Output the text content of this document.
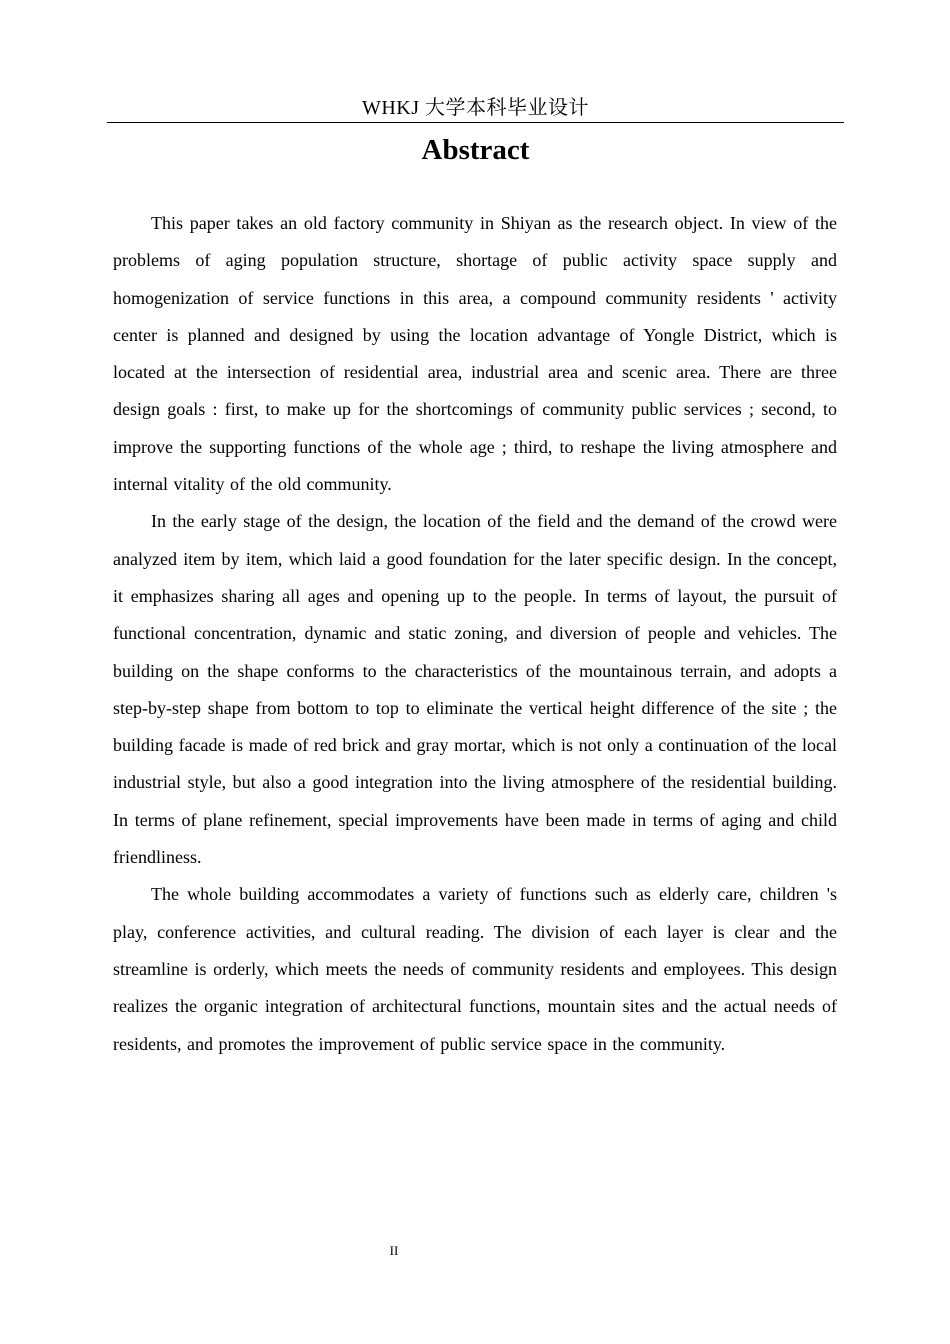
WHKJ 大学本科毕业设计
Abstract

This paper takes an old factory community in Shiyan as the research object. In view of the problems of aging population structure, shortage of public activity space supply and homogenization of service functions in this area, a compound community residents ' activity center is planned and designed by using the location advantage of Yongle District, which is located at the intersection of residential area, industrial area and scenic area. There are three design goals : first, to make up for the shortcomings of community public services ; second, to improve the supporting functions of the whole age ; third, to reshape the living atmosphere and internal vitality of the old community.

In the early stage of the design, the location of the field and the demand of the crowd were analyzed item by item, which laid a good foundation for the later specific design. In the concept, it emphasizes sharing all ages and opening up to the people. In terms of layout, the pursuit of functional concentration, dynamic and static zoning, and diversion of people and vehicles. The building on the shape conforms to the characteristics of the mountainous terrain, and adopts a step-by-step shape from bottom to top to eliminate the vertical height difference of the site ; the building facade is made of red brick and gray mortar, which is not only a continuation of the local industrial style, but also a good integration into the living atmosphere of the residential building. In terms of plane refinement, special improvements have been made in terms of aging and child friendliness.

The whole building accommodates a variety of functions such as elderly care, children 's play, conference activities, and cultural reading. The division of each layer is clear and the streamline is orderly, which meets the needs of community residents and employees. This design realizes the organic integration of architectural functions, mountain sites and the actual needs of residents, and promotes the improvement of public service space in the community.

II
